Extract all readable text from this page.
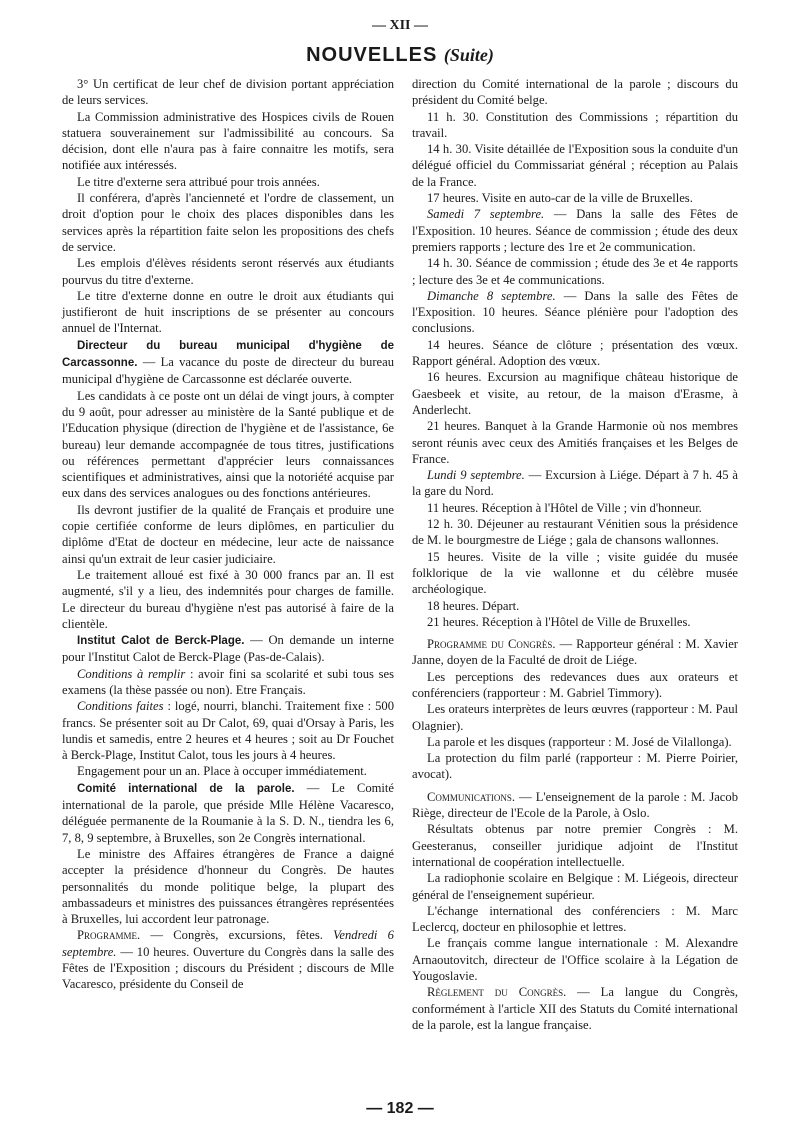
— XII —
NOUVELLES (Suite)

3° Un certificat de leur chef de division portant appréciation de leurs services.

La Commission administrative des Hospices civils de Rouen statuera souverainement sur l'admissibilité au concours. Sa décision, dont elle n'aura pas à faire connaitre les motifs, sera notifiée aux intéressés.

Le titre d'externe sera attribué pour trois années.

Il conférera, d'après l'ancienneté et l'ordre de classement, un droit d'option pour le choix des places disponibles dans les services après la répartition faite selon les propositions des chefs de service.

Les emplois d'élèves résidents seront réservés aux étudiants pourvus du titre d'externe.

Le titre d'externe donne en outre le droit aux étudiants qui justifieront de huit inscriptions de se présenter au concours annuel de l'Internat.

Directeur du bureau municipal d'hygiène de Carcassonne. — La vacance du poste de directeur du bureau municipal d'hygiène de Carcassonne est déclarée ouverte.

Les candidats à ce poste ont un délai de vingt jours, à compter du 9 août, pour adresser au ministère de la Santé publique et de l'Education physique (direction de l'hygiène et de l'assistance, 6e bureau) leur demande accompagnée de tous titres, justifications ou références permettant d'apprécier leurs connaissances scientifiques et administratives, ainsi que la notoriété acquise par eux dans des services analogues ou des fonctions antérieures.

Ils devront justifier de la qualité de Français et produire une copie certifiée conforme de leurs diplômes, en particulier du diplôme d'Etat de docteur en médecine, leur acte de naissance ainsi qu'un extrait de leur casier judiciaire.

Le traitement alloué est fixé à 30 000 francs par an. Il est augmenté, s'il y a lieu, des indemnités pour charges de famille. Le directeur du bureau d'hygiène n'est pas autorisé à faire de la clientèle.

Institut Calot de Berck-Plage. — On demande un interne pour l'Institut Calot de Berck-Plage (Pas-de-Calais).

Conditions à remplir : avoir fini sa scolarité et subi tous ses examens (la thèse passée ou non). Etre Français.

Conditions faites : logé, nourri, blanchi. Traitement fixe : 500 francs. Se présenter soit au Dr Calot, 69, quai d'Orsay à Paris, les lundis et samedis, entre 2 heures et 4 heures ; soit au Dr Fouchet à Berck-Plage, Institut Calot, tous les jours à 4 heures.

Engagement pour un an. Place à occuper immédiatement.

Comité international de la parole. — Le Comité international de la parole, que préside Mlle Hélène Vacaresco, déléguée permanente de la Roumanie à la S. D. N., tiendra les 6, 7, 8, 9 septembre, à Bruxelles, son 2e Congrès international.

Le ministre des Affaires étrangères de France a daigné accepter la présidence d'honneur du Congrès. De hautes personnalités du monde politique belge, la plupart des ambassadeurs et ministres des puissances étrangères représentées à Bruxelles, lui accordent leur patronage.

Programme. — Congrès, excursions, fêtes. Vendredi 6 septembre. — 10 heures. Ouverture du Congrès dans la salle des Fêtes de l'Exposition ; discours du Président ; discours de Mlle Vacaresco, présidente du Conseil de

direction du Comité international de la parole ; discours du président du Comité belge.

11 h. 30. Constitution des Commissions ; répartition du travail.

14 h. 30. Visite détaillée de l'Exposition sous la conduite d'un délégué officiel du Commissariat général ; réception au Palais de la France.

17 heures. Visite en auto-car de la ville de Bruxelles.

Samedi 7 septembre. — Dans la salle des Fêtes de l'Exposition. 10 heures. Séance de commission ; étude des deux premiers rapports ; lecture des 1re et 2e communication.

14 h. 30. Séance de commission ; étude des 3e et 4e rapports ; lecture des 3e et 4e communications.

Dimanche 8 septembre. — Dans la salle des Fêtes de l'Exposition. 10 heures. Séance plénière pour l'adoption des conclusions.

14 heures. Séance de clôture ; présentation des vœux. Rapport général. Adoption des vœux.

16 heures. Excursion au magnifique château historique de Gaesbeek et visite, au retour, de la maison d'Erasme, à Anderlecht.

21 heures. Banquet à la Grande Harmonie où nos membres seront réunis avec ceux des Amitiés françaises et les Belges de France.

Lundi 9 septembre. — Excursion à Liége. Départ à 7 h. 45 à la gare du Nord.

11 heures. Réception à l'Hôtel de Ville ; vin d'honneur.

12 h. 30. Déjeuner au restaurant Vénitien sous la présidence de M. le bourgmestre de Liége ; gala de chansons wallonnes.

15 heures. Visite de la ville ; visite guidée du musée folklorique de la vie wallonne et du célèbre musée archéologique.

18 heures. Départ.

21 heures. Réception à l'Hôtel de Ville de Bruxelles.

Programme du Congrès. — Rapporteur général : M. Xavier Janne, doyen de la Faculté de droit de Liége.

Les perceptions des redevances dues aux orateurs et conférenciers (rapporteur : M. Gabriel Timmory).

Les orateurs interprètes de leurs œuvres (rapporteur : M. Paul Olagnier).

La parole et les disques (rapporteur : M. José de Vilallonga).

La protection du film parlé (rapporteur : M. Pierre Poirier, avocat).

Communications. — L'enseignement de la parole : M. Jacob Riège, directeur de l'Ecole de la Parole, à Oslo.

Résultats obtenus par notre premier Congrès : M. Geesteranus, conseiller juridique adjoint de l'Institut international de coopération intellectuelle.

La radiophonie scolaire en Belgique : M. Liégeois, directeur général de l'enseignement supérieur.

L'échange international des conférenciers : M. Marc Leclercq, docteur en philosophie et lettres.

Le français comme langue internationale : M. Alexandre Arnaoutovitch, directeur de l'Office scolaire à la Légation de Yougoslavie.

Règlement du Congrès. — La langue du Congrès, conformément à l'article XII des Statuts du Comité international de la parole, est la langue française.

— 182 —
